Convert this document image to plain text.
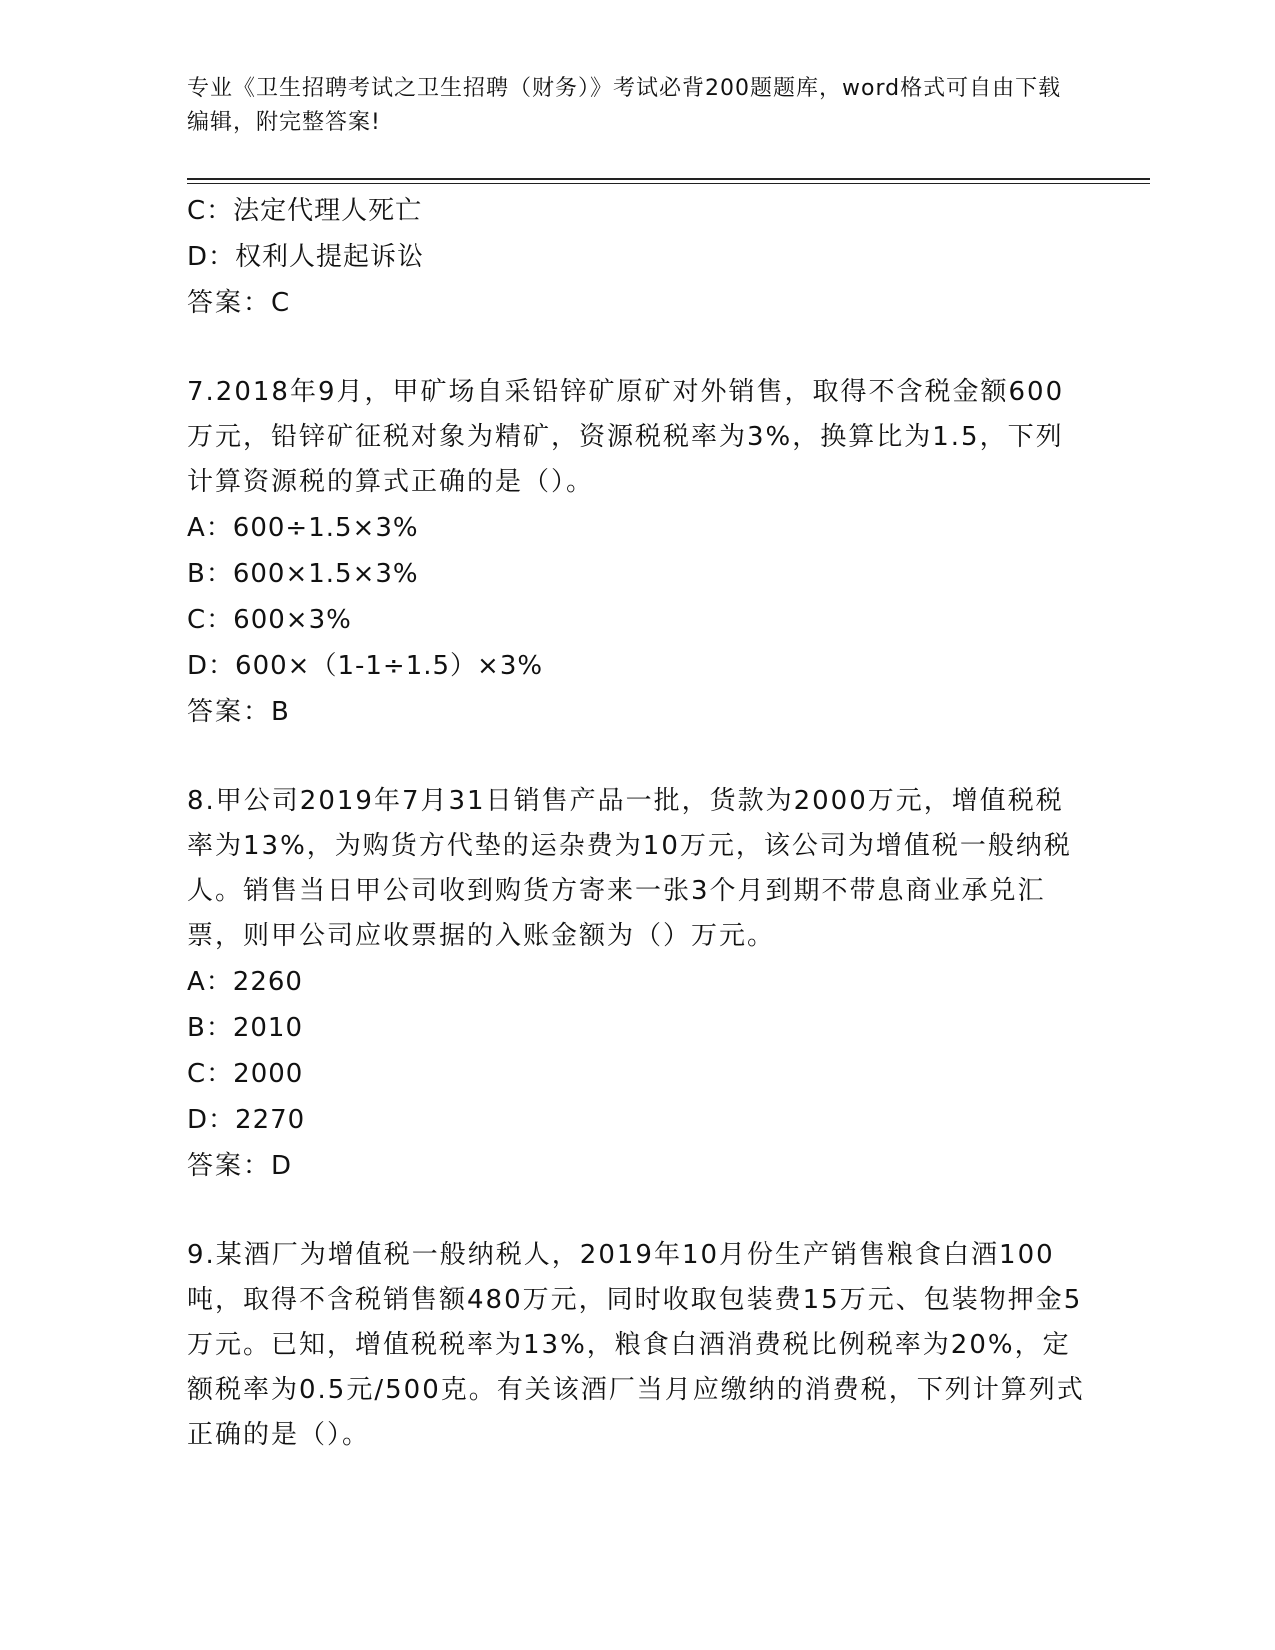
专业《卫生招聘考试之卫生招聘（财务）》考试必背200题题库，word格式可自由下载编辑，附完整答案!
C：法定代理人死亡
D：权利人提起诉讼
答案：C
7.2018年9月，甲矿场自采铅锌矿原矿对外销售，取得不含税金额600万元，铅锌矿征税对象为精矿，资源税税率为3%，换算比为1.5，下列计算资源税的算式正确的是（）。
A：600÷1.5×3%
B：600×1.5×3%
C：600×3%
D：600×（1-1÷1.5）×3%
答案：B
8.甲公司2019年7月31日销售产品一批，货款为2000万元，增值税税率为13%，为购货方代垫的运杂费为10万元，该公司为增值税一般纳税人。销售当日甲公司收到购货方寄来一张3个月到期不带息商业承兑汇票，则甲公司应收票据的入账金额为（）万元。
A：2260
B：2010
C：2000
D：2270
答案：D
9.某酒厂为增值税一般纳税人，2019年10月份生产销售粮食白酒100吨，取得不含税销售额480万元，同时收取包装费15万元、包装物押金5万元。已知，增值税税率为13%，粮食白酒消费税比例税率为20%，定额税率为0.5元/500克。有关该酒厂当月应缴纳的消费税，下列计算列式正确的是（）。
